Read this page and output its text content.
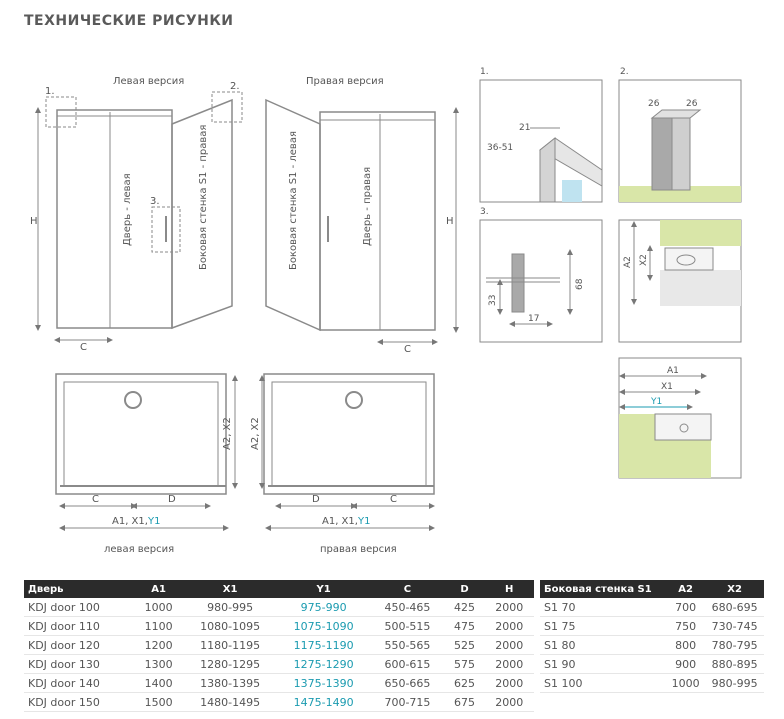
ТЕХНИЧЕСКИЕ РИСУНКИ
Левая версия
H
C
1.	2.
3.
Дверь - левая	Боковая стенка S1 - правая
Правая версия
H
C
Боковая стенка S1 - левая	Дверь - правая
A2, X2
C	D
A1, X1, Y1
левая версия
A2, X2
D	C
A1, X1, Y1
правая версия
1.
21
36-51
2.
26	26
3.
68
33
17
A2 X2
A1
X1
Y1
Дверь	A1	X1	Y1	C	D	H
KDJ door 100	1000	980-995	975-990	450-465	425	2000
KDJ door 110	1100	1080-1095	1075-1090	500-515	475	2000
KDJ door 120	1200	1180-1195	1175-1190	550-565	525	2000
KDJ door 130	1300	1280-1295	1275-1290	600-615	575	2000
KDJ door 140	1400	1380-1395	1375-1390	650-665	625	2000
KDJ door 150	1500	1480-1495	1475-1490	700-715	675	2000
Боковая стенка S1	A2	X2
S1 70	700	680-695
S1 75	750	730-745
S1 80	800	780-795
S1 90	900	880-895
S1 100	1000	980-995
